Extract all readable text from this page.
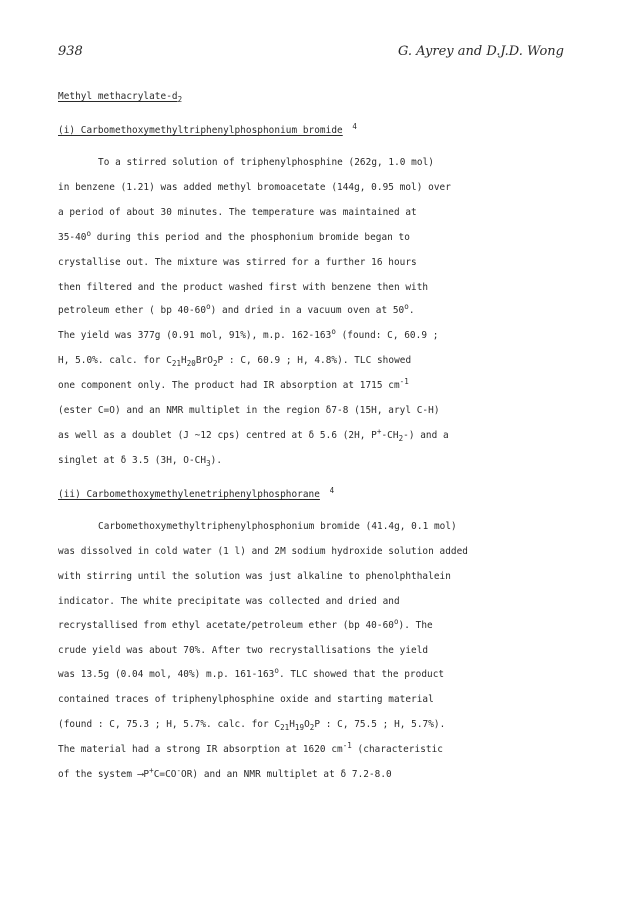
938	G. Ayrey and D.J.D. Wong
Methyl methacrylate-$d_2$
(i) Carbomethoxymethyltriphenylphosphonium bromide $^4$
To a stirred solution of triphenylphosphine (262g, 1.0 mol)
in benzene (1.21) was added methyl bromoacetate (144g, 0.95 mol) over
a period of about 30 minutes. The temperature was maintained at
35-40$^o$ during this period and the phosphonium bromide began to
crystallise out. The mixture was stirred for a further 16 hours
then filtered and the product washed first with benzene then with
petroleum ether ( bp 40-60$^o$) and dried in a vacuum oven at 50$^o$.
The yield was 377g (0.91 mol, 91%), m.p. 162-163$^o$ (found: C, 60.9 ;
H, 5.0%. calc. for $C_{21}H_{20}BrO_2P$ : C, 60.9 ; H, 4.8%). TLC showed
one component only. The product had IR absorption at 1715 $cm^{-1}$
(ester C=O) and an NMR multiplet in the region δ7-8 (15H, aryl C-H)
as well as a doublet (J ~12 cps) centred at δ 5.6 (2H, $P^+-CH_2-$) and a
singlet at δ 3.5 (3H, $O-CH_3$).
(ii) Carbomethoxymethylenetriphenylphosphorane $^4$
Carbomethoxymethyltriphenylphosphonium bromide (41.4g, 0.1 mol)
was dissolved in cold water (1 l) and 2M sodium hydroxide solution added
with stirring until the solution was just alkaline to phenolphthalein
indicator. The white precipitate was collected and dried and
recrystallised from ethyl acetate/petroleum ether (bp 40-60$^o$). The
crude yield was about 70%. After two recrystallisations the yield
was 13.5g (0.04 mol, 40%) m.p. 161-163$^o$. TLC showed that the product
contained traces of triphenylphosphine oxide and starting material
(found : C, 75.3 ; H, 5.7%. calc. for $C_{21}H_{19}O_2P$ : C, 75.5 ; H, 5.7%).
The material had a strong IR absorption at 1620 $cm^{-1}$ (characteristic
of the system ⟶P+C=CO-OR) and an NMR multiplet at δ 7.2-8.0
